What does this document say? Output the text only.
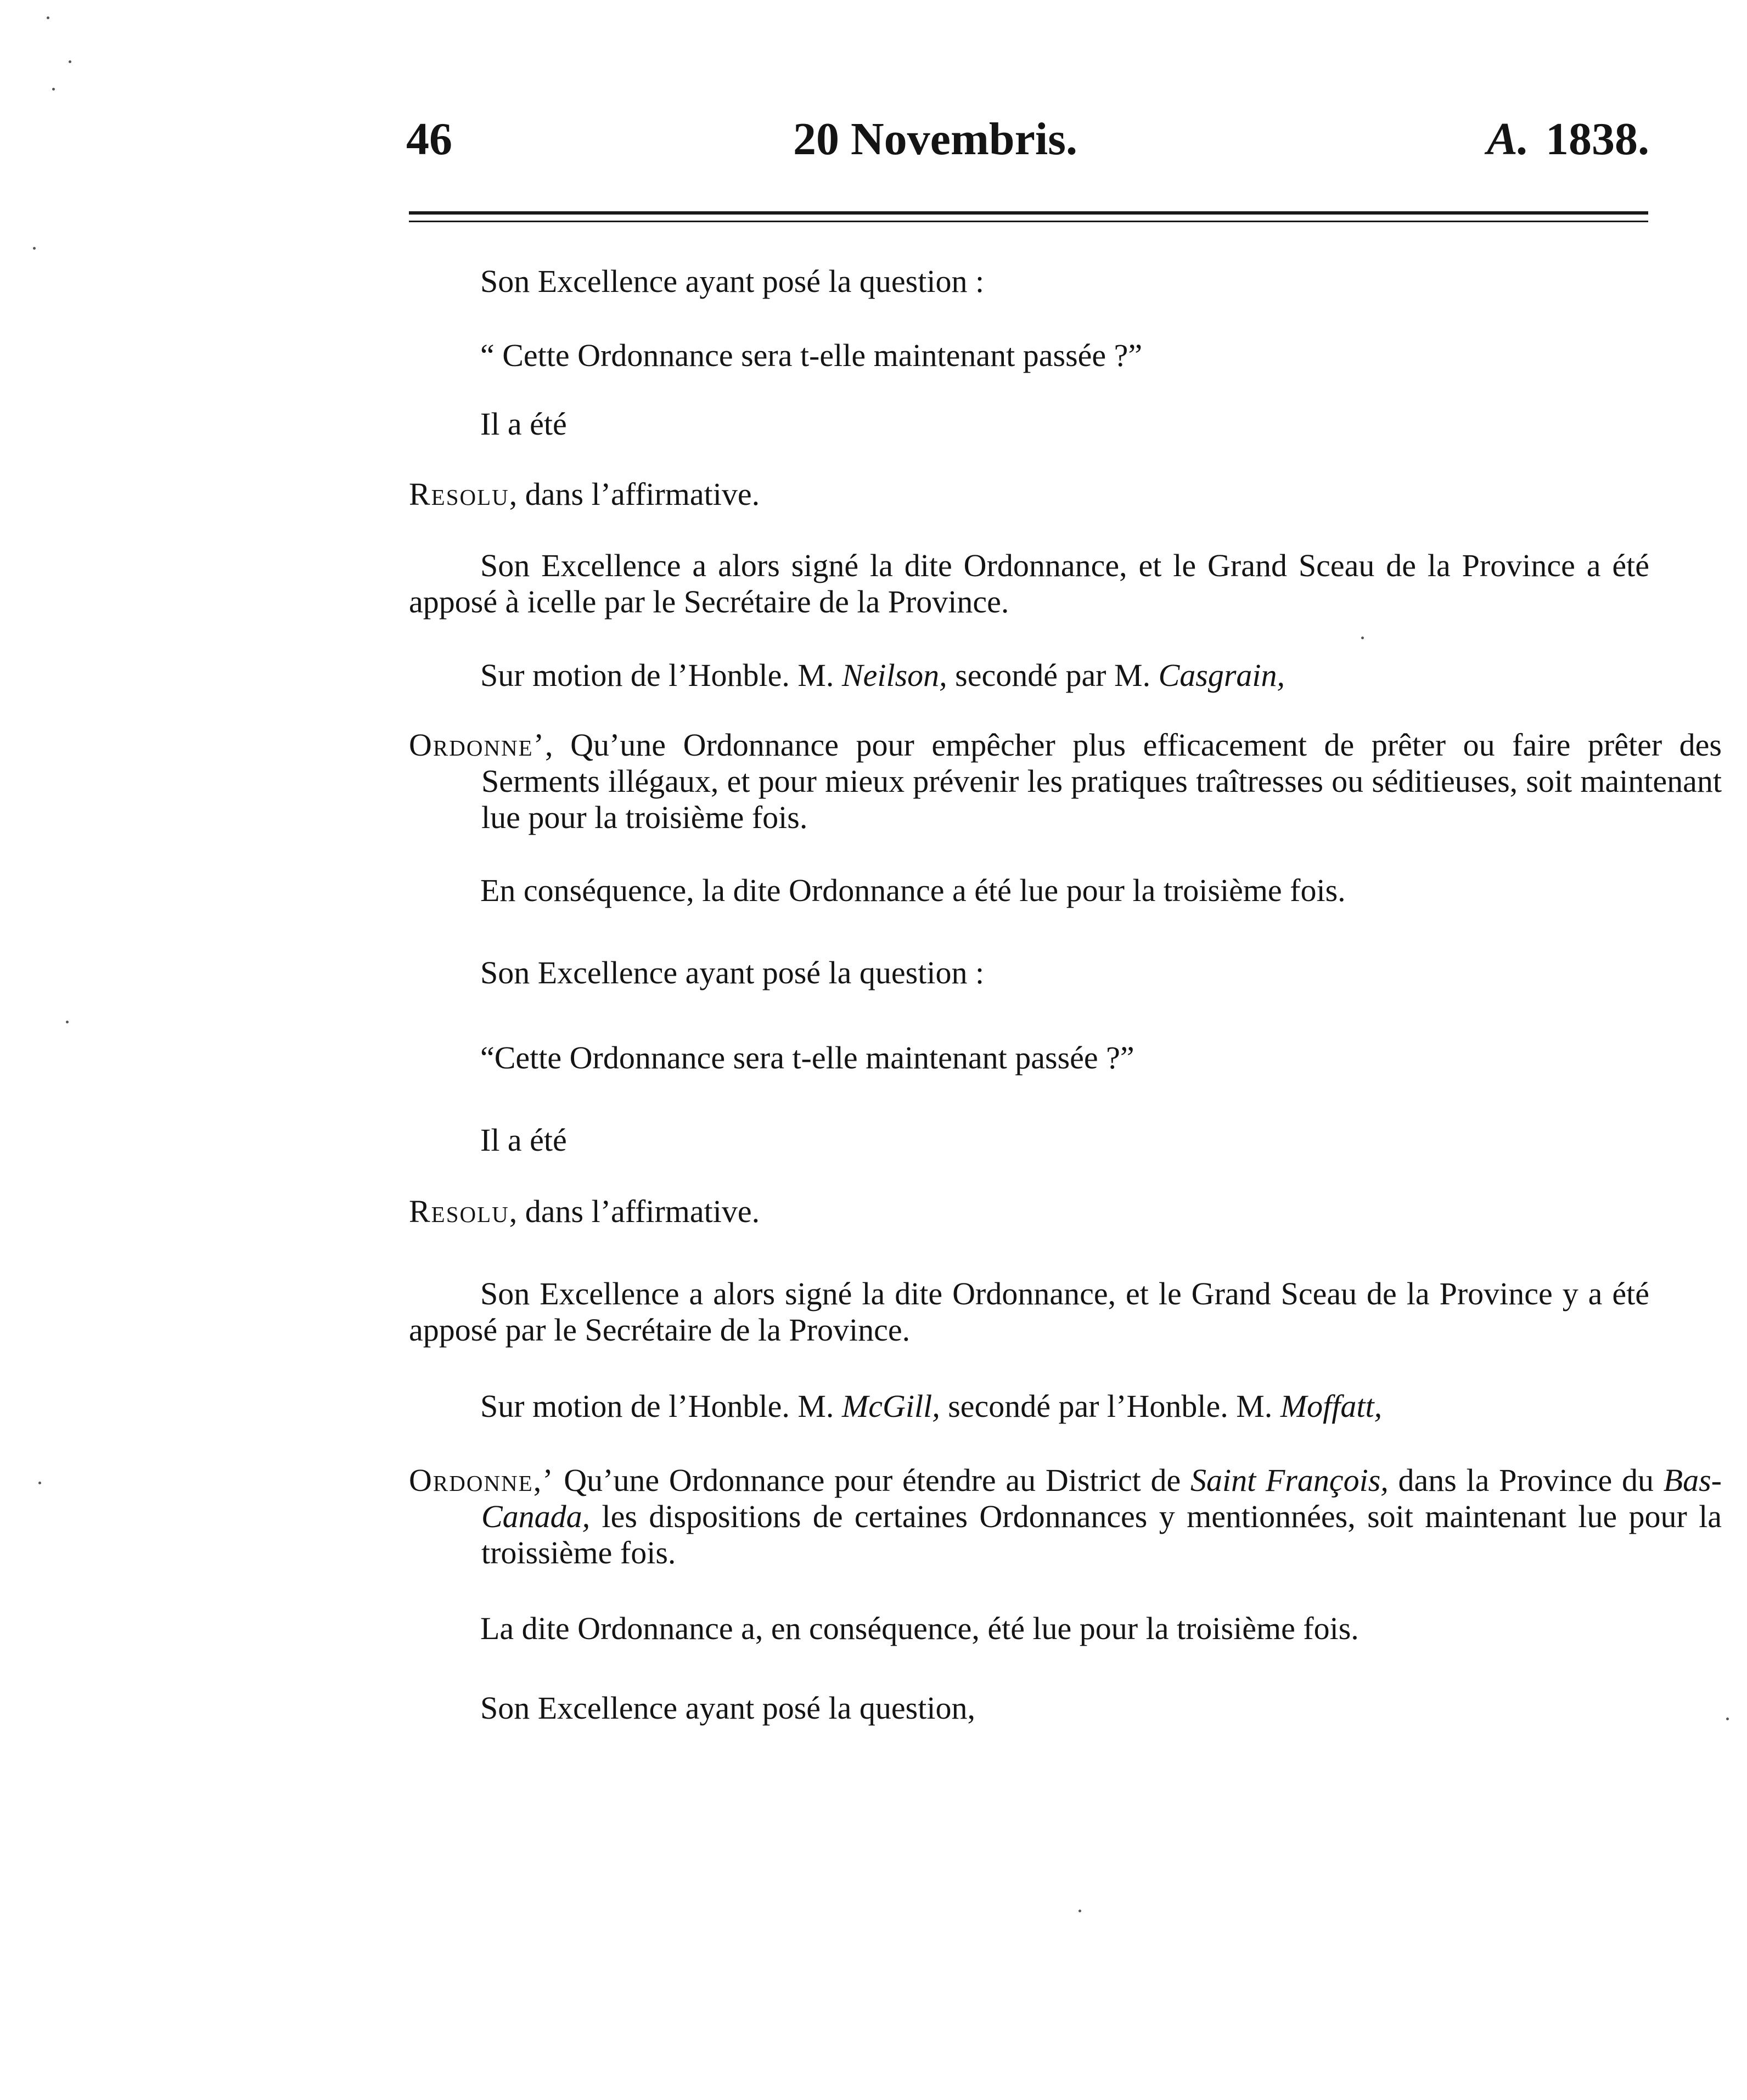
46	20 Novembris.	A. 1838.

Son Excellence ayant posé la question :

“ Cette Ordonnance sera t-elle maintenant passée ?”

Il a été

Resolu, dans l’affirmative.

Son Excellence a alors signé la dite Ordonnance, et le Grand Sceau de la Province a été apposé à icelle par le Secrétaire de la Province.

Sur motion de l’Honble. M. Neilson, secondé par M. Casgrain,

Ordonne’, Qu’une Ordonnance pour empêcher plus efficacement de prêter ou faire prêter des Serments illégaux, et pour mieux prévenir les pratiques traîtresses ou séditieuses, soit maintenant lue pour la troisième fois.

En conséquence, la dite Ordonnance a été lue pour la troisième fois.

Son Excellence ayant posé la question :

“Cette Ordonnance sera t-elle maintenant passée ?”

Il a été

Resolu, dans l’affirmative.

Son Excellence a alors signé la dite Ordonnance, et le Grand Sceau de la Province y a été apposé par le Secrétaire de la Province.

Sur motion de l’Honble. M. McGill, secondé par l’Honble. M. Moffatt,

Ordonne,’ Qu’une Ordonnance pour étendre au District de Saint François, dans la Province du Bas-Canada, les dispositions de certaines Ordonnances y mentionnées, soit maintenant lue pour la troissième fois.

La dite Ordonnance a, en conséquence, été lue pour la troisième fois.

Son Excellence ayant posé la question,
